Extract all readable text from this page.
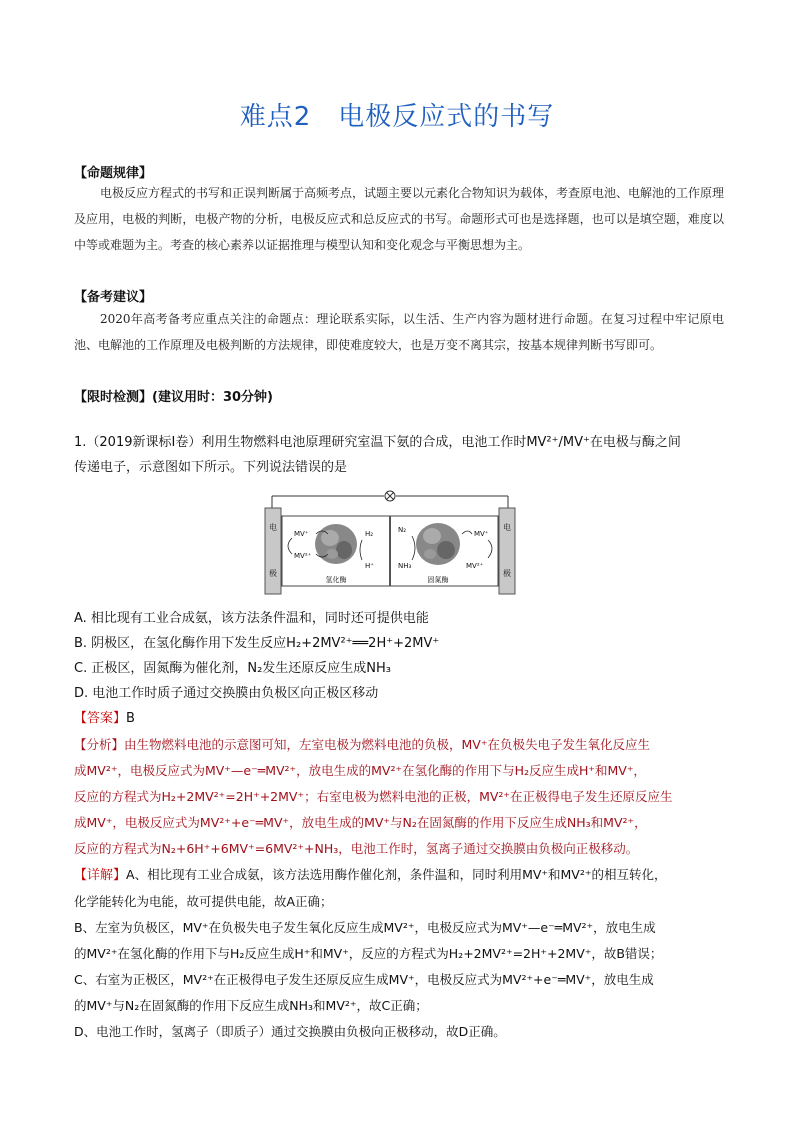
难点2　电极反应式的书写
【命题规律】
电极反应方程式的书写和正误判断属于高频考点，试题主要以元素化合物知识为载体，考查原电池、电解池的工作原理及应用，电极的判断，电极产物的分析，电极反应式和总反应式的书写。命题形式可也是选择题，也可以是填空题，难度以中等或难题为主。考查的核心素养以证据推理与模型认知和变化观念与平衡思想为主。
【备考建议】
2020年高考备考应重点关注的命题点：理论联系实际，以生活、生产内容为题材进行命题。在复习过程中牢记原电池、电解池的工作原理及电极判断的方法规律，即使难度较大，也是万变不离其宗，按基本规律判断书写即可。
【限时检测】(建议用时：30分钟)
1.（2019新课标Ⅰ卷）利用生物燃料电池原理研究室温下氨的合成，电池工作时MV²⁺/MV⁺在电极与酶之间
传递电子，示意图如下所示。下列说法错误的是
电
极
电
极
MV⁺
MV²⁺
H₂
H⁺
氢化酶
N₂
NH₃
MV⁺
MV²⁺
固氮酶
A. 相比现有工业合成氨，该方法条件温和，同时还可提供电能
B. 阴极区，在氢化酶作用下发生反应H₂+2MV²⁺══2H⁺+2MV⁺
C. 正极区，固氮酶为催化剂，N₂发生还原反应生成NH₃
D. 电池工作时质子通过交换膜由负极区向正极区移动
【答案】B
【分析】由生物燃料电池的示意图可知，左室电极为燃料电池的负极，MV⁺在负极失电子发生氧化反应生
成MV²⁺，电极反应式为MV⁺—e⁻═MV²⁺，放电生成的MV²⁺在氢化酶的作用下与H₂反应生成H⁺和MV⁺，
反应的方程式为H₂+2MV²⁺=2H⁺+2MV⁺；右室电极为燃料电池的正极，MV²⁺在正极得电子发生还原反应生
成MV⁺，电极反应式为MV²⁺+e⁻═MV⁺，放电生成的MV⁺与N₂在固氮酶的作用下反应生成NH₃和MV²⁺，
反应的方程式为N₂+6H⁺+6MV⁺=6MV²⁺+NH₃，电池工作时，氢离子通过交换膜由负极向正极移动。
【详解】A、相比现有工业合成氨，该方法选用酶作催化剂，条件温和，同时利用MV⁺和MV²⁺的相互转化，
化学能转化为电能，故可提供电能，故A正确；
B、左室为负极区，MV⁺在负极失电子发生氧化反应生成MV²⁺，电极反应式为MV⁺—e⁻═MV²⁺，放电生成
的MV²⁺在氢化酶的作用下与H₂反应生成H⁺和MV⁺，反应的方程式为H₂+2MV²⁺=2H⁺+2MV⁺，故B错误；
C、右室为正极区，MV²⁺在正极得电子发生还原反应生成MV⁺，电极反应式为MV²⁺+e⁻═MV⁺，放电生成
的MV⁺与N₂在固氮酶的作用下反应生成NH₃和MV²⁺，故C正确；
D、电池工作时，氢离子（即质子）通过交换膜由负极向正极移动，故D正确。
